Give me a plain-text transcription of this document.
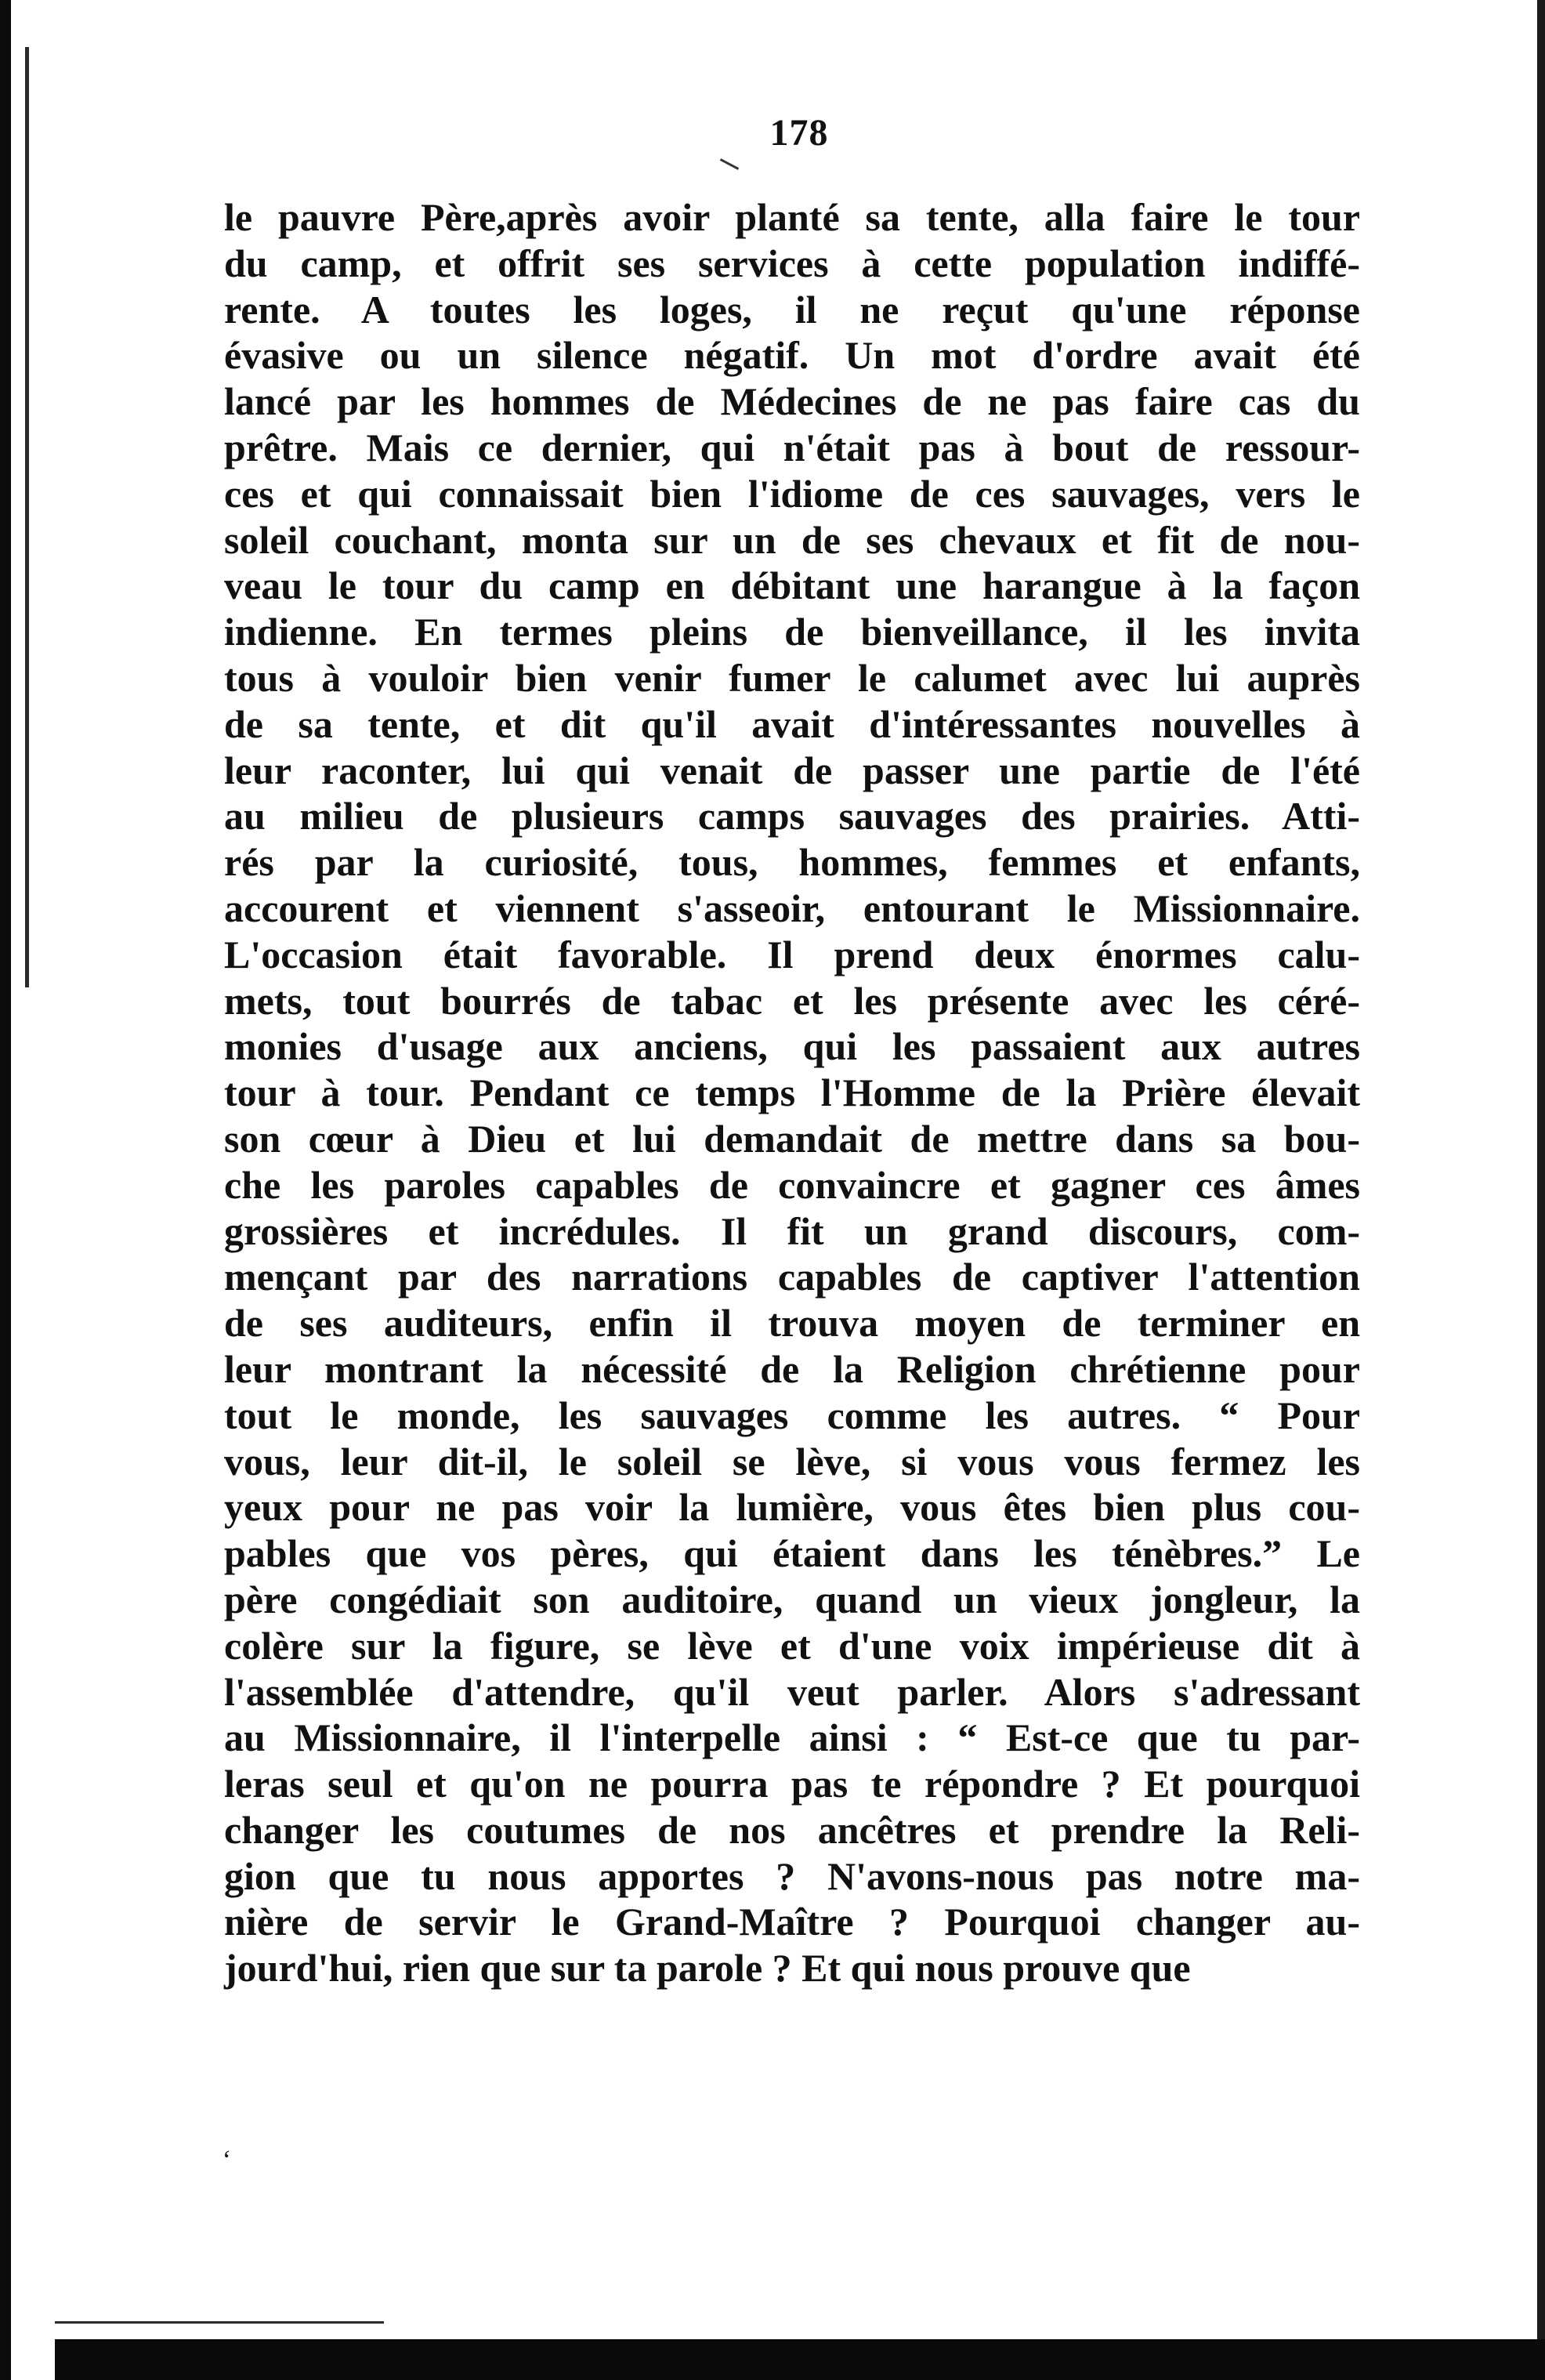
178
le pauvre Père,après avoir planté sa tente, alla faire le tour
du camp, et offrit ses services à cette population indiffé-
rente. A toutes les loges, il ne reçut qu'une réponse
évasive ou un silence négatif. Un mot d'ordre avait été
lancé par les hommes de Médecines de ne pas faire cas du
prêtre. Mais ce dernier, qui n'était pas à bout de ressour-
ces et qui connaissait bien l'idiome de ces sauvages, vers le
soleil couchant, monta sur un de ses chevaux et fit de nou-
veau le tour du camp en débitant une harangue à la façon
indienne. En termes pleins de bienveillance, il les invita
tous à vouloir bien venir fumer le calumet avec lui auprès
de sa tente, et dit qu'il avait d'intéressantes nouvelles à
leur raconter, lui qui venait de passer une partie de l'été
au milieu de plusieurs camps sauvages des prairies. Atti-
rés par la curiosité, tous, hommes, femmes et enfants,
accourent et viennent s'asseoir, entourant le Missionnaire.
L'occasion était favorable. Il prend deux énormes calu-
mets, tout bourrés de tabac et les présente avec les céré-
monies d'usage aux anciens, qui les passaient aux autres
tour à tour. Pendant ce temps l'Homme de la Prière élevait
son cœur à Dieu et lui demandait de mettre dans sa bou-
che les paroles capables de convaincre et gagner ces âmes
grossières et incrédules. Il fit un grand discours, com-
mençant par des narrations capables de captiver l'attention
de ses auditeurs, enfin il trouva moyen de terminer en
leur montrant la nécessité de la Religion chrétienne pour
tout le monde, les sauvages comme les autres. “ Pour
vous, leur dit-il, le soleil se lève, si vous vous fermez les
yeux pour ne pas voir la lumière, vous êtes bien plus cou-
pables que vos pères, qui étaient dans les ténèbres.” Le
père congédiait son auditoire, quand un vieux jongleur, la
colère sur la figure, se lève et d'une voix impérieuse dit à
l'assemblée d'attendre, qu'il veut parler. Alors s'adressant
au Missionnaire, il l'interpelle ainsi : “ Est-ce que tu par-
leras seul et qu'on ne pourra pas te répondre ? Et pourquoi
changer les coutumes de nos ancêtres et prendre la Reli-
gion que tu nous apportes ? N'avons-nous pas notre ma-
nière de servir le Grand-Maître ? Pourquoi changer au-
jourd'hui, rien que sur ta parole ? Et qui nous prouve que
ʻ
